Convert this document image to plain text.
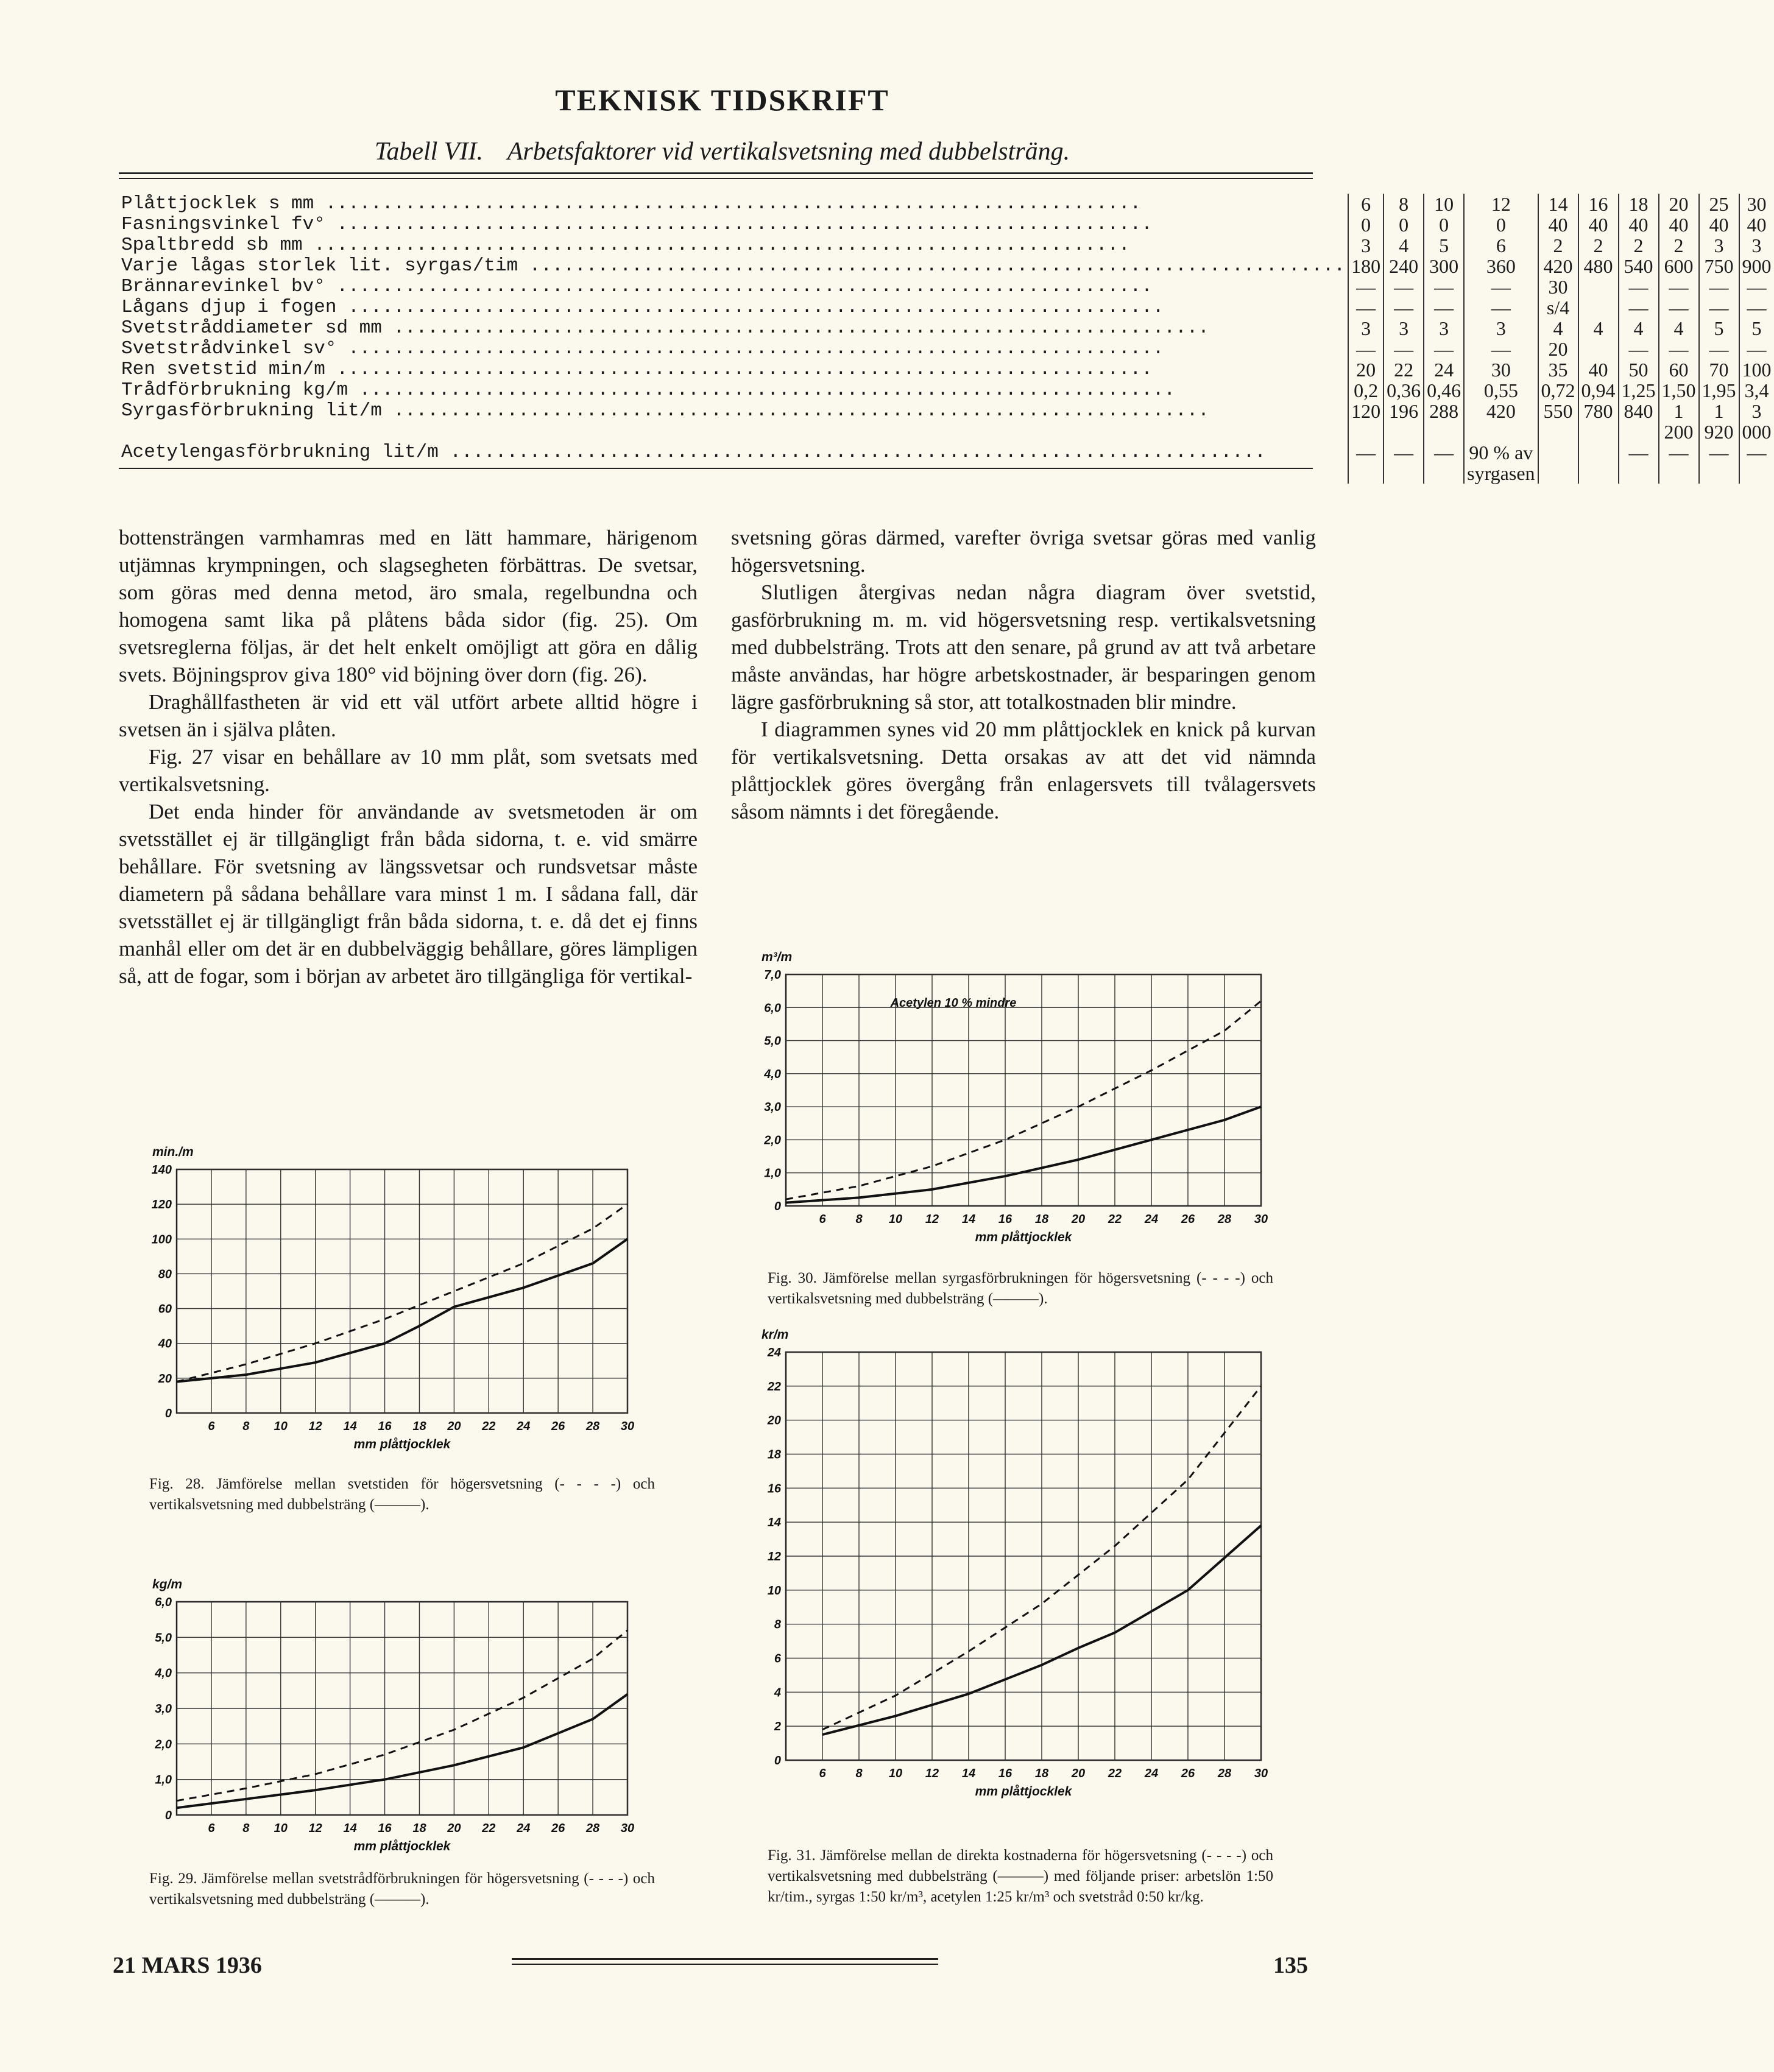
TEKNISK TIDSKRIFT
Tabell VII. Arbetsfaktorer vid vertikalsvetsning med dubbelsträng.
Plåttjocklek s mm .....	6	8	10	12	14	16	18	20	25	30
Fasningsvinkel fv° .....	0	0	0	0	40	40	40	40	40	40
Spaltbredd sb mm .....	3	4	5	6	2	2	2	2	3	3
Varje lågas storlek lit. syrgas/tim .....	180	240	300	360	420	480	540	600	750	900
Brännarevinkel bv° .....	—	—	—	—	30		—	—	—	—
Lågans djup i fogen .....	—	—	—	—	s/4		—	—	—	—
Svetstråddiameter sd mm .....	3	3	3	3	4	4	4	4	5	5
Svetstrådvinkel sv° .....	—	—	—	—	20		—	—	—	—
Ren svetstid min/m .....	20	22	24	30	35	40	50	60	70	100
Trådförbrukning kg/m .....	0,2	0,36	0,46	0,55	0,72	0,94	1,25	1,50	1,95	3,4
Syrgasförbrukning lit/m .....	120	196	288	420	550	780	840	1 200	1 920	3 000
Acetylengasförbrukning lit/m .....	—	—	—	90 % av syrgasen			—	—	—	—

bottensträngen varmhamras med en lätt hammare, härigenom utjämnas krympningen, och slagsegheten förbättras. De svetsar, som göras med denna metod, äro smala, regelbundna och homogena samt lika på plåtens båda sidor (fig. 25). Om svetsreglerna följas, är det helt enkelt omöjligt att göra en dålig svets. Böjningsprov giva 180° vid böjning över dorn (fig. 26).

Draghållfastheten är vid ett väl utfört arbete alltid högre i svetsen än i själva plåten.

Fig. 27 visar en behållare av 10 mm plåt, som svetsats med vertikalsvetsning.

Det enda hinder för användande av svetsmetoden är om svetsstället ej är tillgängligt från båda sidorna, t. e. vid smärre behållare. För svetsning av längssvetsar och rundsvetsar måste diametern på sådana behållare vara minst 1 m. I sådana fall, där svetsstället ej är tillgängligt från båda sidorna, t. e. då det ej finns manhål eller om det är en dubbelväggig behållare, göres lämpligen så, att de fogar, som i början av arbetet äro tillgängliga för vertikal-

svetsning göras därmed, varefter övriga svetsar göras med vanlig högersvetsning.

Slutligen återgivas nedan några diagram över svetstid, gasförbrukning m. m. vid högersvetsning resp. vertikalsvetsning med dubbelsträng. Trots att den senare, på grund av att två arbetare måste användas, har högre arbetskostnader, är besparingen genom lägre gasförbrukning så stor, att totalkostnaden blir mindre.

I diagrammen synes vid 20 mm plåttjocklek en knick på kurvan för vertikalsvetsning. Detta orsakas av att det vid nämnda plåttjocklek göres övergång från enlagersvets till tvålagersvets såsom nämnts i det föregående.

6 8 10 12 14 16 18 20 22 24 26 28 30
0
20
40
60
80
100
120
140
min./m
mm plåttjocklek
Fig. 28. Jämförelse mellan svetstiden för högersvetsning (- - - -) och vertikalsvetsning med dubbelsträng (———).
6 8 10 12 14 16 18 20 22 24 26 28 30
0
1,0
2,0
3,0
4,0
5,0
6,0
kg/m
mm plåttjocklek
Fig. 29. Jämförelse mellan svetstrådförbrukningen för högersvetsning (- - - -) och vertikalsvetsning med dubbelsträng (———).
6 8 10 12 14 16 18 20 22 24 26 28 30
0
1,0
2,0
3,0
4,0
5,0
6,0
7,0
m³/m
mm plåttjocklek
Acetylen 10 % mindre
Fig. 30. Jämförelse mellan syrgasförbrukningen för högersvetsning (- - - -) och vertikalsvetsning med dubbelsträng (———).
6 8 10 12 14 16 18 20 22 24 26 28 30
0
2
4
6
8
10
12
14
16
18
20
22
24
kr/m
mm plåttjocklek
Fig. 31. Jämförelse mellan de direkta kostnaderna för högersvetsning (- - - -) och vertikalsvetsning med dubbelsträng (———) med följande priser: arbetslön 1:50 kr/tim., syrgas 1:50 kr/m³, acetylen 1:25 kr/m³ och svetstråd 0:50 kr/kg.
21 MARS 1936	135
